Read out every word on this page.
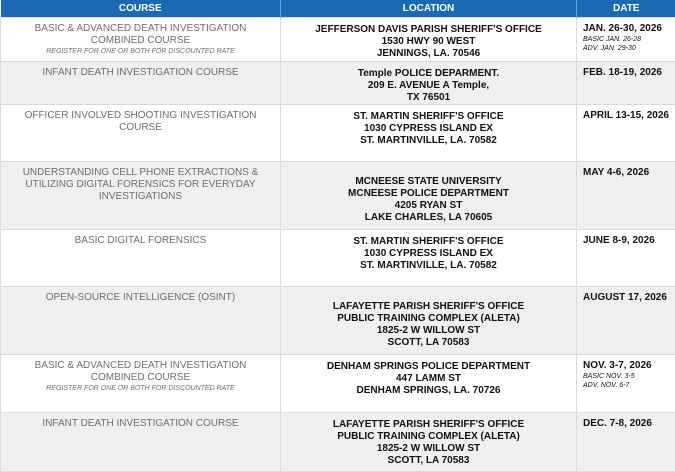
COURSE	LOCATION	DATE

BASIC & ADVANCED DEATH INVESTIGATION
COMBINED COURSE
REGISTER FOR ONE OR BOTH FOR DISCOUNTED RATE	JEFFERSON DAVIS PARISH SHERIFF'S OFFICE
1530 HWY 90 WEST
JENNINGS, LA. 70546	JAN. 26-30, 2026
BASIC JAN. 26-28
ADV. JAN. 29-30

INFANT DEATH INVESTIGATION COURSE	Temple POLICE DEPARMENT.
209 E. AVENUE A Temple,
TX 76501	FEB. 18-19, 2026

OFFICER INVOLVED SHOOTING INVESTIGATION COURSE	ST. MARTIN SHERIFF'S OFFICE
1030 CYPRESS ISLAND EX
ST. MARTINVILLE, LA. 70582	APRIL 13-15, 2026

UNDERSTANDING CELL PHONE EXTRACTIONS &
UTILIZING DIGITAL FORENSICS FOR EVERYDAY
INVESTIGATIONS	MCNEESE STATE UNIVERSITY
MCNEESE POLICE DEPARTMENT
4205 RYAN ST
LAKE CHARLES, LA 70605	MAY 4-6, 2026

BASIC DIGITAL FORENSICS	ST. MARTIN SHERIFF'S OFFICE
1030 CYPRESS ISLAND EX
ST. MARTINVILLE, LA. 70582	JUNE 8-9, 2026

OPEN-SOURCE INTELLIGENCE (OSINT)	LAFAYETTE PARISH SHERIFF'S OFFICE
PUBLIC TRAINING COMPLEX (ALETA)
1825-2 W WILLOW ST
SCOTT, LA 70583	AUGUST 17, 2026

BASIC & ADVANCED DEATH INVESTIGATION
COMBINED COURSE
REGISTER FOR ONE OR BOTH FOR DISCOUNTED RATE	DENHAM SPRINGS POLICE DEPARTMENT
447 LAMM ST
DENHAM SPRINGS, LA. 70726	NOV. 3-7, 2026
BASIC NOV. 3-5
ADV. NOV. 6-7

INFANT DEATH INVESTIGATION COURSE	LAFAYETTE PARISH SHERIFF'S OFFICE
PUBLIC TRAINING COMPLEX (ALETA)
1825-2 W WILLOW ST
SCOTT, LA 70583	DEC. 7-8, 2026
